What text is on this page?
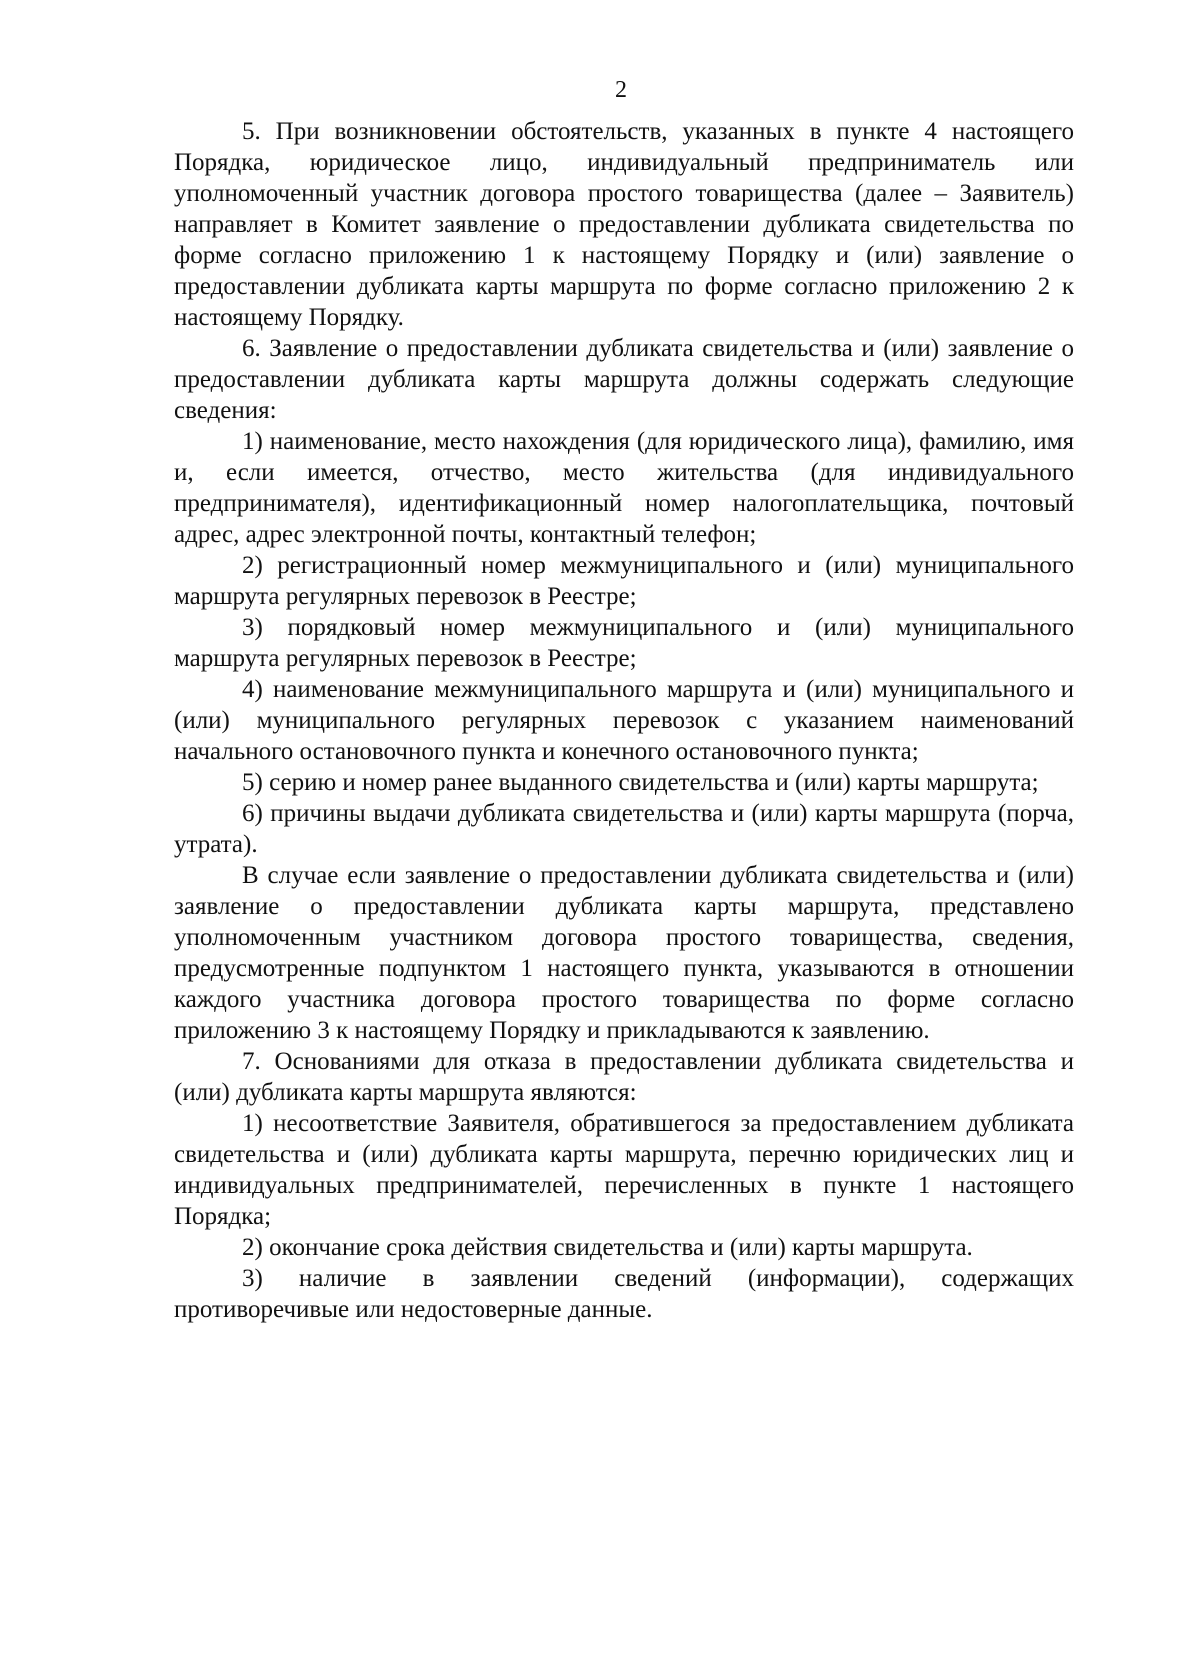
2

5. При возникновении обстоятельств, указанных в пункте 4 настоящего Порядка, юридическое лицо, индивидуальный предприниматель или уполномоченный участник договора простого товарищества (далее – Заявитель) направляет в Комитет заявление о предоставлении дубликата свидетельства по форме согласно приложению 1 к настоящему Порядку и (или) заявление о предоставлении дубликата карты маршрута по форме согласно приложению 2 к настоящему Порядку.

6. Заявление о предоставлении дубликата свидетельства и (или) заявление о предоставлении дубликата карты маршрута должны содержать следующие сведения:

1) наименование, место нахождения (для юридического лица), фамилию, имя и, если имеется, отчество, место жительства (для индивидуального предпринимателя), идентификационный номер налогоплательщика, почтовый адрес, адрес электронной почты, контактный телефон;

2) регистрационный номер межмуниципального и (или) муниципального маршрута регулярных перевозок в Реестре;

3) порядковый номер межмуниципального и (или) муниципального маршрута регулярных перевозок в Реестре;

4) наименование межмуниципального маршрута и (или) муниципального и (или) муниципального регулярных перевозок с указанием наименований начального остановочного пункта и конечного остановочного пункта;

5) серию и номер ранее выданного свидетельства и (или) карты маршрута;

6) причины выдачи дубликата свидетельства и (или) карты маршрута (порча, утрата).

В случае если заявление о предоставлении дубликата свидетельства и (или) заявление о предоставлении дубликата карты маршрута, представлено уполномоченным участником договора простого товарищества, сведения, предусмотренные подпунктом 1 настоящего пункта, указываются в отношении каждого участника договора простого товарищества по форме согласно приложению 3 к настоящему Порядку и прикладываются к заявлению.

7. Основаниями для отказа в предоставлении дубликата свидетельства и (или) дубликата карты маршрута являются:

1) несоответствие Заявителя, обратившегося за предоставлением дубликата свидетельства и (или) дубликата карты маршрута, перечню юридических лиц и индивидуальных предпринимателей, перечисленных в пункте 1 настоящего Порядка;

2) окончание срока действия свидетельства и (или) карты маршрута.

3) наличие в заявлении сведений (информации), содержащих противоречивые или недостоверные данные.
